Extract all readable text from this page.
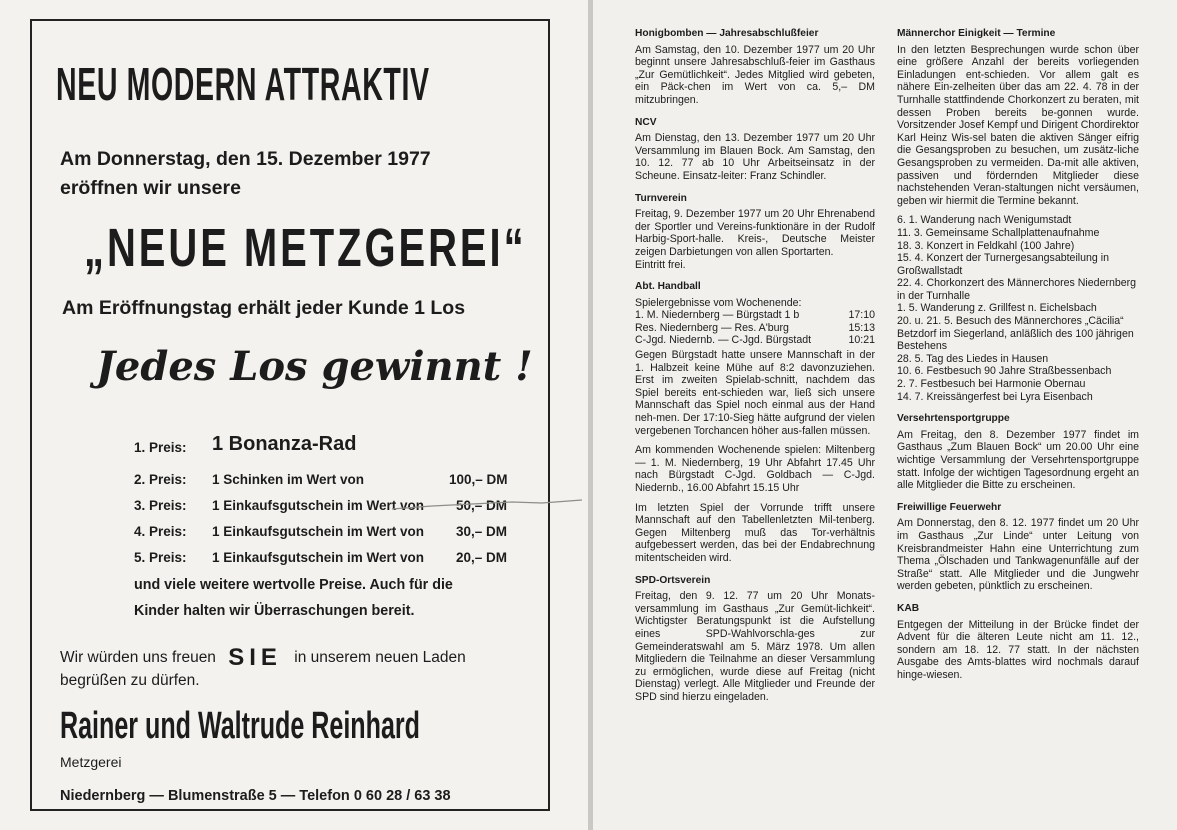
NEU MODERN ATTRAKTIV
Am Donnerstag, den 15. Dezember 1977
eröffnen wir unsere
„NEUE METZGEREI“
Am Eröffnungstag erhält jeder Kunde 1 Los
Jedes Los gewinnt !
1. Preis: 1 Bonanza-Rad
2. Preis: 1 Schinken im Wert von	100,– DM
3. Preis: 1 Einkaufsgutschein im Wert von 50,– DM
4. Preis: 1 Einkaufsgutschein im Wert von 30,– DM
5. Preis: 1 Einkaufsgutschein im Wert von 20,– DM
und viele weitere wertvolle Preise. Auch für die
Kinder halten wir Überraschungen bereit.
Wir würden uns freuen SIE in unserem neuen Laden
begrüßen zu dürfen.
Rainer und Waltrude Reinhard
Metzgerei
Niedernberg — Blumenstraße 5 — Telefon 0 60 28 / 63 38
Honigbomben — Jahresabschlußfeier

Am Samstag, den 10. Dezember 1977 um 20 Uhr beginnt unsere Jahresabschluß-feier im Gasthaus „Zur Gemütlichkeit“. Jedes Mitglied wird gebeten, ein Päck-chen im Wert von ca. 5,– DM mitzubringen.

NCV

Am Dienstag, den 13. Dezember 1977 um 20 Uhr Versammlung im Blauen Bock. Am Samstag, den 10. 12. 77 ab 10 Uhr Arbeitseinsatz in der Scheune. Einsatz-leiter: Franz Schindler.

Turnverein

Freitag, 9. Dezember 1977 um 20 Uhr Ehrenabend der Sportler und Vereins-funktionäre in der Rudolf Harbig-Sport-halle. Kreis-, Deutsche Meister zeigen Darbietungen von allen Sportarten.

Eintritt frei.

Abt. Handball
Spielergebnisse vom Wochenende:
1. M. Niedernberg — Bürgstadt 1 b	17:10
Res. Niedernberg — Res. A'burg	15:13
C-Jgd. Niedernb. — C-Jgd. Bürgstadt	10:21

Gegen Bürgstadt hatte unsere Mannschaft in der 1. Halbzeit keine Mühe auf 8:2 davonzuziehen. Erst im zweiten Spielab-schnitt, nachdem das Spiel bereits ent-schieden war, ließ sich unsere Mannschaft das Spiel noch einmal aus der Hand neh-men. Der 17:10-Sieg hätte aufgrund der vielen vergebenen Torchancen höher aus-fallen müssen.

Am kommenden Wochenende spielen: Miltenberg — 1. M. Niedernberg, 19 Uhr Abfahrt 17.45 Uhr nach Bürgstadt C-Jgd. Goldbach — C-Jgd. Niedernb., 16.00 Abfahrt 15.15 Uhr

Im letzten Spiel der Vorrunde trifft unsere Mannschaft auf den Tabellenletzten Mil-tenberg. Gegen Miltenberg muß das Tor-verhältnis aufgebessert werden, das bei der Endabrechnung mitentscheiden wird.

SPD-Ortsverein

Freitag, den 9. 12. 77 um 20 Uhr Monats-versammlung im Gasthaus „Zur Gemüt-lichkeit“. Wichtigster Beratungspunkt ist die Aufstellung eines SPD-Wahlvorschla-ges zur Gemeinderatswahl am 5. März 1978. Um allen Mitgliedern die Teilnahme an dieser Versammlung zu ermöglichen, wurde diese auf Freitag (nicht Dienstag) verlegt. Alle Mitglieder und Freunde der SPD sind hierzu eingeladen.

Männerchor Einigkeit — Termine

In den letzten Besprechungen wurde schon über eine größere Anzahl der bereits vorliegenden Einladungen ent-schieden. Vor allem galt es nähere Ein-zelheiten über das am 22. 4. 78 in der Turnhalle stattfindende Chorkonzert zu beraten, mit dessen Proben bereits be-gonnen wurde. Vorsitzender Josef Kempf und Dirigent Chordirektor Karl Heinz Wis-sel baten die aktiven Sänger eifrig die Gesangsproben zu besuchen, um zusätz-liche Gesangsproben zu vermeiden. Da-mit alle aktiven, passiven und fördernden Mitglieder diese nachstehenden Veran-staltungen nicht versäumen, geben wir hiermit die Termine bekannt.

6. 1. Wanderung nach Wenigumstadt
11. 3. Gemeinsame Schallplattenaufnahme
18. 3. Konzert in Feldkahl (100 Jahre)
15. 4. Konzert der Turnergesangsabteilung in Großwallstadt
22. 4. Chorkonzert des Männerchores Niedernberg in der Turnhalle
1. 5. Wanderung z. Grillfest n. Eichelsbach
20. u. 21. 5. Besuch des Männerchores „Cäcilia“ Betzdorf im Siegerland, anläßlich des 100 jährigen Bestehens
28. 5. Tag des Liedes in Hausen
10. 6. Festbesuch 90 Jahre Straßbessenbach
2. 7. Festbesuch bei Harmonie Obernau
14. 7. Kreissängerfest bei Lyra Eisenbach
Versehrtensportgruppe

Am Freitag, den 8. Dezember 1977 findet im Gasthaus „Zum Blauen Bock“ um 20.00 Uhr eine wichtige Versammlung der Versehrtensportgruppe statt. Infolge der wichtigen Tagesordnung ergeht an alle Mitglieder die Bitte zu erscheinen.

Freiwillige Feuerwehr

Am Donnerstag, den 8. 12. 1977 findet um 20 Uhr im Gasthaus „Zur Linde“ unter Leitung von Kreisbrandmeister Hahn eine Unterrichtung zum Thema „Ölschaden und Tankwagenunfälle auf der Straße“ statt. Alle Mitglieder und die Jungwehr werden gebeten, pünktlich zu erscheinen.

KAB

Entgegen der Mitteilung in der Brücke findet der Advent für die älteren Leute nicht am 11. 12., sondern am 18. 12. 77 statt. In der nächsten Ausgabe des Amts-blattes wird nochmals darauf hinge-wiesen.
